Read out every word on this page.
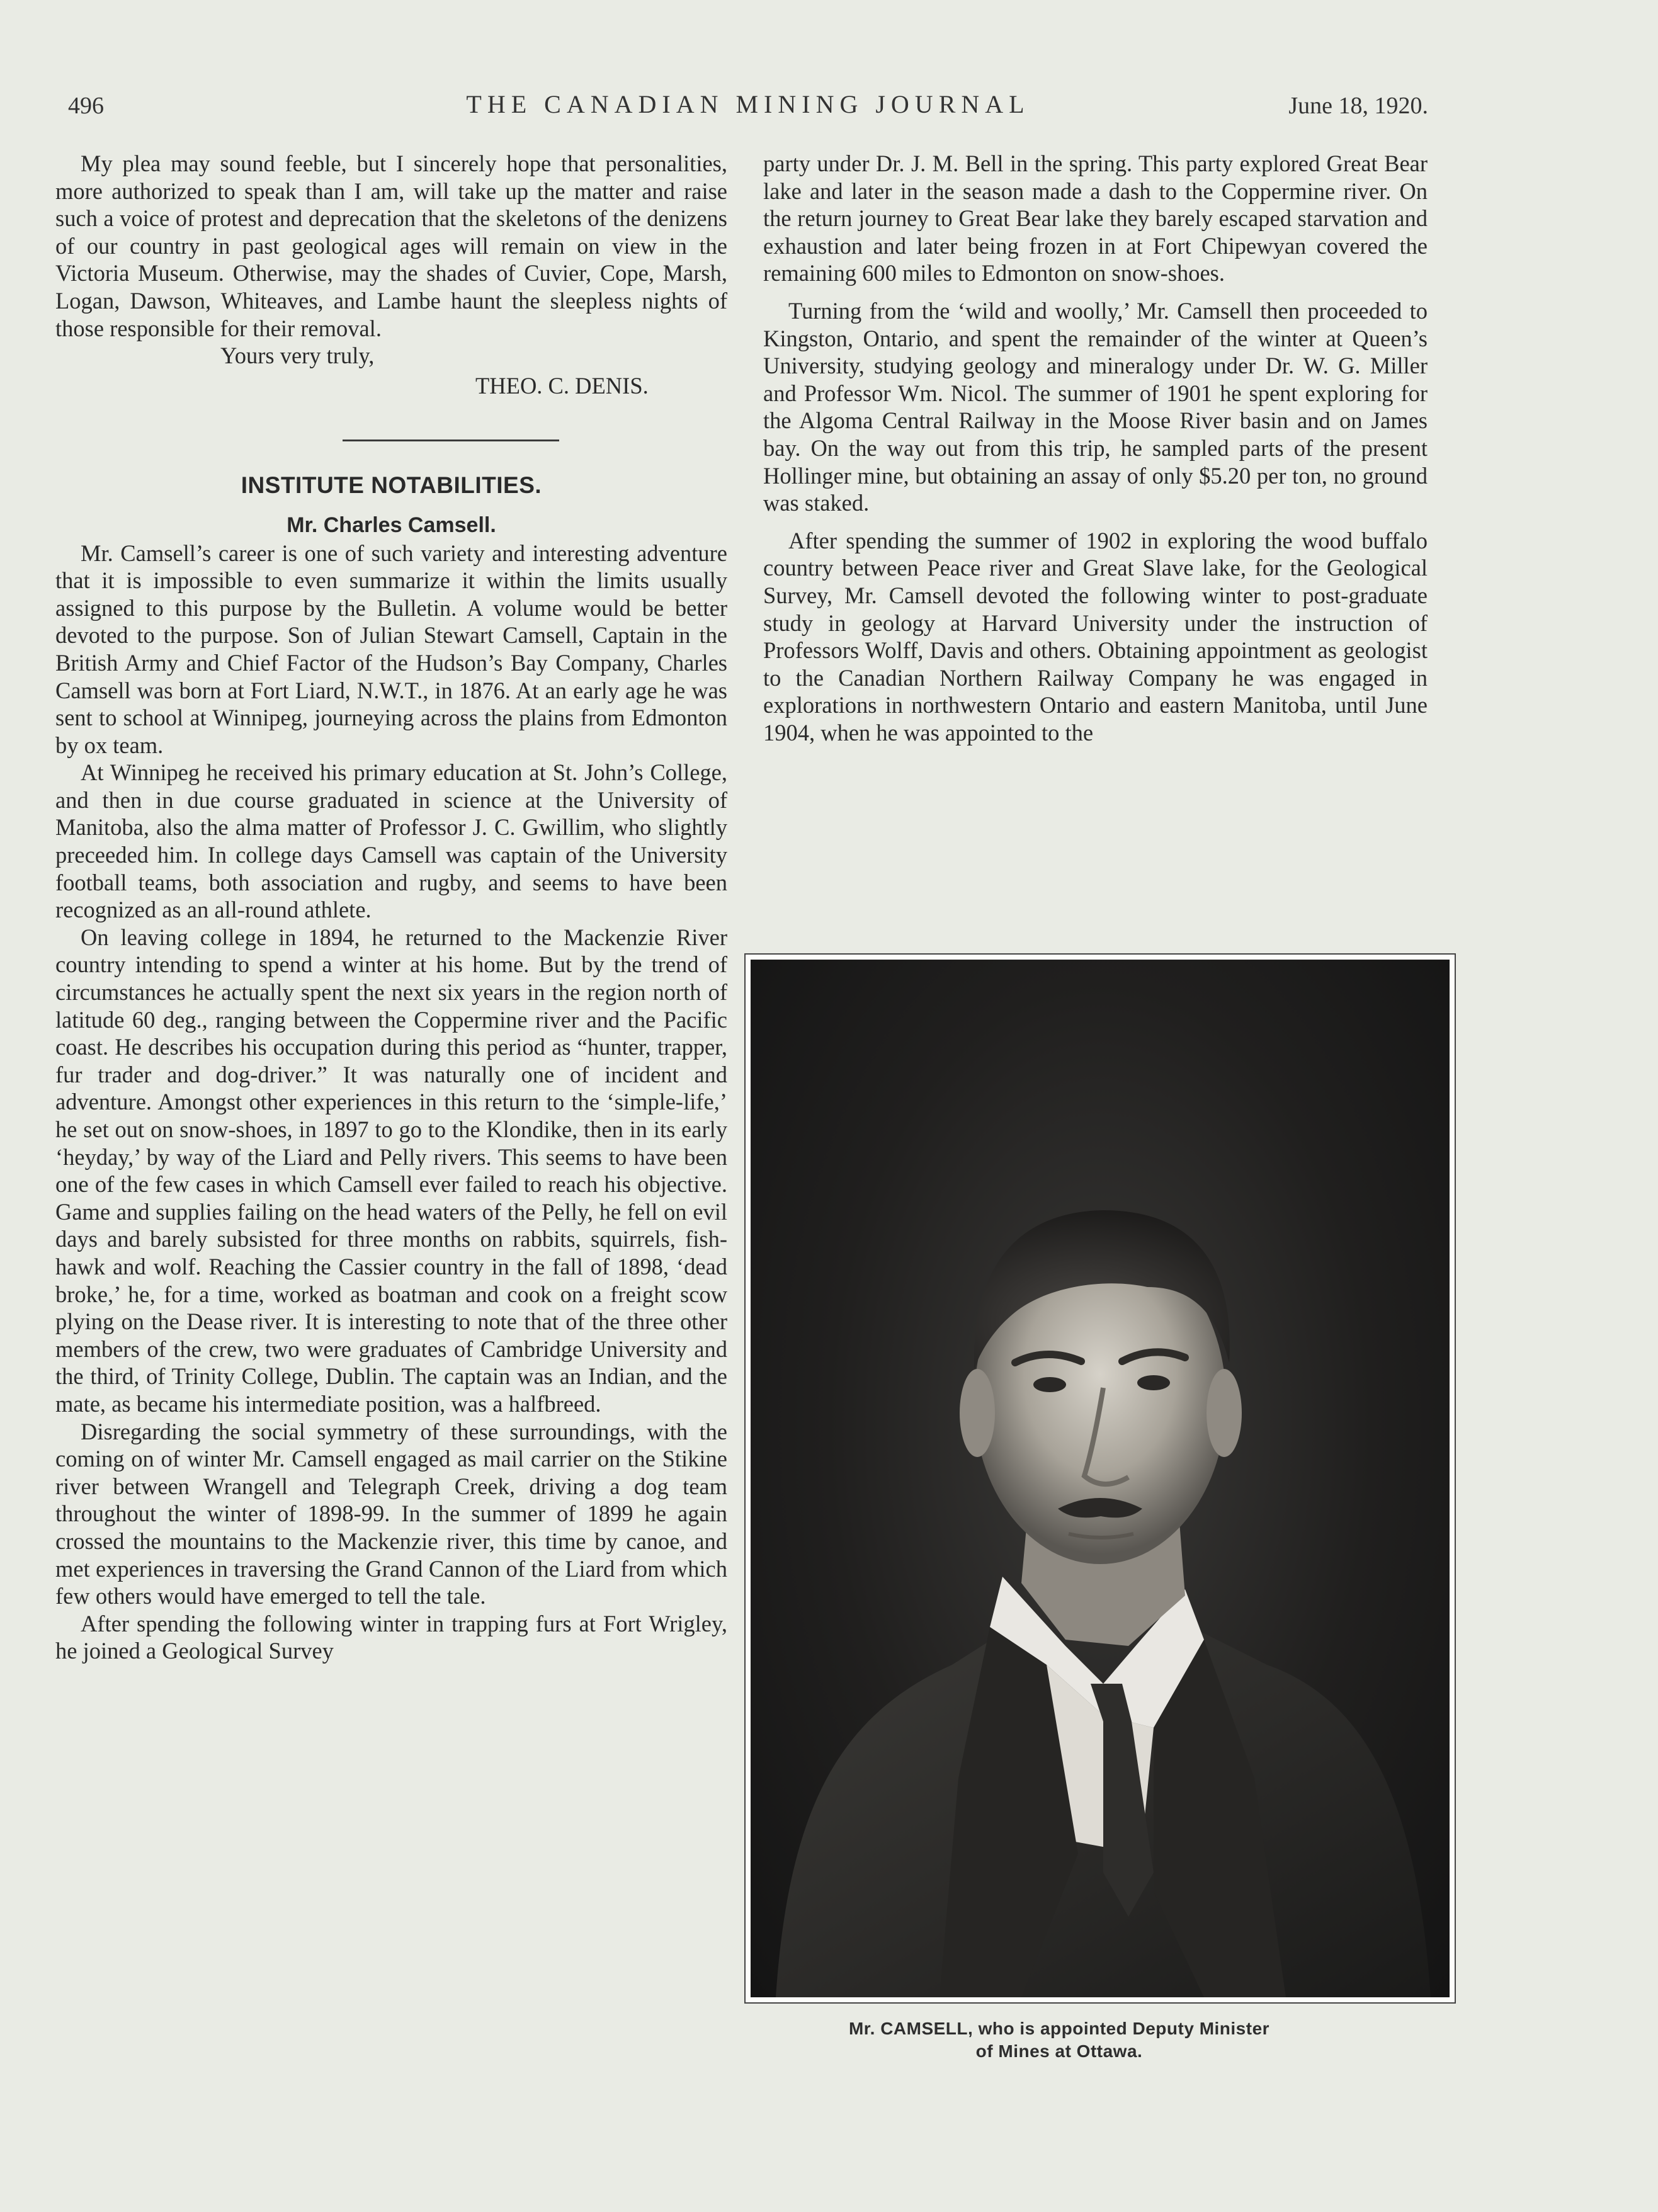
496	THE CANADIAN MINING JOURNAL	June 18, 1920.

My plea may sound feeble, but I sincerely hope that personalities, more authorized to speak than I am, will take up the matter and raise such a voice of protest and deprecation that the skeletons of the denizens of our country in past geological ages will remain on view in the Victoria Museum. Otherwise, may the shades of Cuvier, Cope, Marsh, Logan, Dawson, Whiteaves, and Lambe haunt the sleepless nights of those responsible for their removal.

Yours very truly,

THEO. C. DENIS.

INSTITUTE NOTABILITIES.

Mr. Charles Camsell.

Mr. Camsell’s career is one of such variety and interesting adventure that it is impossible to even summarize it within the limits usually assigned to this purpose by the Bulletin. A volume would be better devoted to the purpose. Son of Julian Stewart Camsell, Captain in the British Army and Chief Factor of the Hudson’s Bay Company, Charles Camsell was born at Fort Liard, N.W.T., in 1876. At an early age he was sent to school at Winnipeg, journeying across the plains from Edmonton by ox team.

At Winnipeg he received his primary education at St. John’s College, and then in due course graduated in science at the University of Manitoba, also the alma matter of Professor J. C. Gwillim, who slightly preceeded him. In college days Camsell was captain of the University football teams, both association and rugby, and seems to have been recognized as an all-round athlete.

On leaving college in 1894, he returned to the Mackenzie River country intending to spend a winter at his home. But by the trend of circumstances he actually spent the next six years in the region north of latitude 60 deg., ranging between the Coppermine river and the Pacific coast. He describes his occupation during this period as “hunter, trapper, fur trader and dog-driver.” It was naturally one of incident and adventure. Amongst other experiences in this return to the ‘simple-life,’ he set out on snow-shoes, in 1897 to go to the Klondike, then in its early ‘heyday,’ by way of the Liard and Pelly rivers. This seems to have been one of the few cases in which Camsell ever failed to reach his objective. Game and supplies failing on the head waters of the Pelly, he fell on evil days and barely subsisted for three months on rabbits, squirrels, fish-hawk and wolf. Reaching the Cassier country in the fall of 1898, ‘dead broke,’ he, for a time, worked as boatman and cook on a freight scow plying on the Dease river. It is interesting to note that of the three other members of the crew, two were graduates of Cambridge University and the third, of Trinity College, Dublin. The captain was an Indian, and the mate, as became his intermediate position, was a halfbreed.

Disregarding the social symmetry of these surroundings, with the coming on of winter Mr. Camsell engaged as mail carrier on the Stikine river between Wrangell and Telegraph Creek, driving a dog team throughout the winter of 1898-99. In the summer of 1899 he again crossed the mountains to the Mackenzie river, this time by canoe, and met experiences in traversing the Grand Cannon of the Liard from which few others would have emerged to tell the tale.

After spending the following winter in trapping furs at Fort Wrigley, he joined a Geological Survey

party under Dr. J. M. Bell in the spring. This party explored Great Bear lake and later in the season made a dash to the Coppermine river. On the return journey to Great Bear lake they barely escaped starvation and exhaustion and later being frozen in at Fort Chipewyan covered the remaining 600 miles to Edmonton on snow-shoes.

Turning from the ‘wild and woolly,’ Mr. Camsell then proceeded to Kingston, Ontario, and spent the remainder of the winter at Queen’s University, studying geology and mineralogy under Dr. W. G. Miller and Professor Wm. Nicol. The summer of 1901 he spent exploring for the Algoma Central Railway in the Moose River basin and on James bay. On the way out from this trip, he sampled parts of the present Hollinger mine, but obtaining an assay of only $5.20 per ton, no ground was staked.

After spending the summer of 1902 in exploring the wood buffalo country between Peace river and Great Slave lake, for the Geological Survey, Mr. Camsell devoted the following winter to post-graduate study in geology at Harvard University under the instruction of Professors Wolff, Davis and others. Obtaining appointment as geologist to the Canadian Northern Railway Company he was engaged in explorations in northwestern Ontario and eastern Manitoba, until June 1904, when he was appointed to the

Mr. CAMSELL, who is appointed Deputy Minister
of Mines at Ottawa.
